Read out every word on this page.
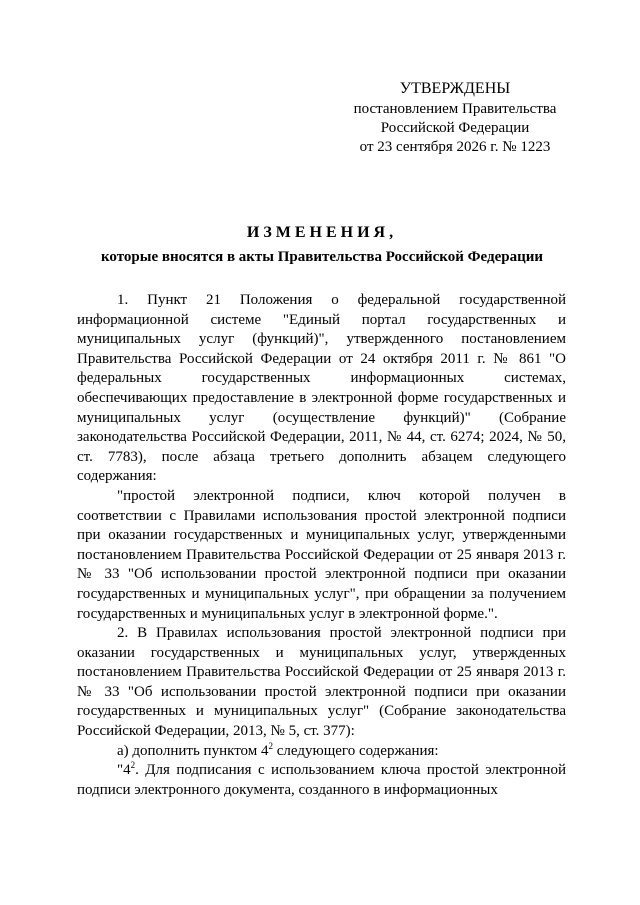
УТВЕРЖДЕНЫ
постановлением Правительства
Российской Федерации
от 23 сентября 2026 г. № 1223
ИЗМЕНЕНИЯ,
которые вносятся в акты Правительства Российской Федерации

1. Пункт 21 Положения о федеральной государственной информационной системе "Единый портал государственных и муниципальных услуг (функций)", утвержденного постановлением Правительства Российской Федерации от 24 октября 2011 г. № 861 "О федеральных государственных информационных системах, обеспечивающих предоставление в электронной форме государственных и муниципальных услуг (осуществление функций)" (Собрание законодательства Российской Федерации, 2011, № 44, ст. 6274; 2024, № 50, ст. 7783), после абзаца третьего дополнить абзацем следующего содержания:

"простой электронной подписи, ключ которой получен в соответствии с Правилами использования простой электронной подписи при оказании государственных и муниципальных услуг, утвержденными постановлением Правительства Российской Федерации от 25 января 2013 г. № 33 "Об использовании простой электронной подписи при оказании государственных и муниципальных услуг", при обращении за получением государственных и муниципальных услуг в электронной форме.".

2. В Правилах использования простой электронной подписи при оказании государственных и муниципальных услуг, утвержденных постановлением Правительства Российской Федерации от 25 января 2013 г. № 33 "Об использовании простой электронной подписи при оказании государственных и муниципальных услуг" (Собрание законодательства Российской Федерации, 2013, № 5, ст. 377):

а) дополнить пунктом $4^2$ следующего содержания:

"$4^2$. Для подписания с использованием ключа простой электронной подписи электронного документа, созданного в информационных
